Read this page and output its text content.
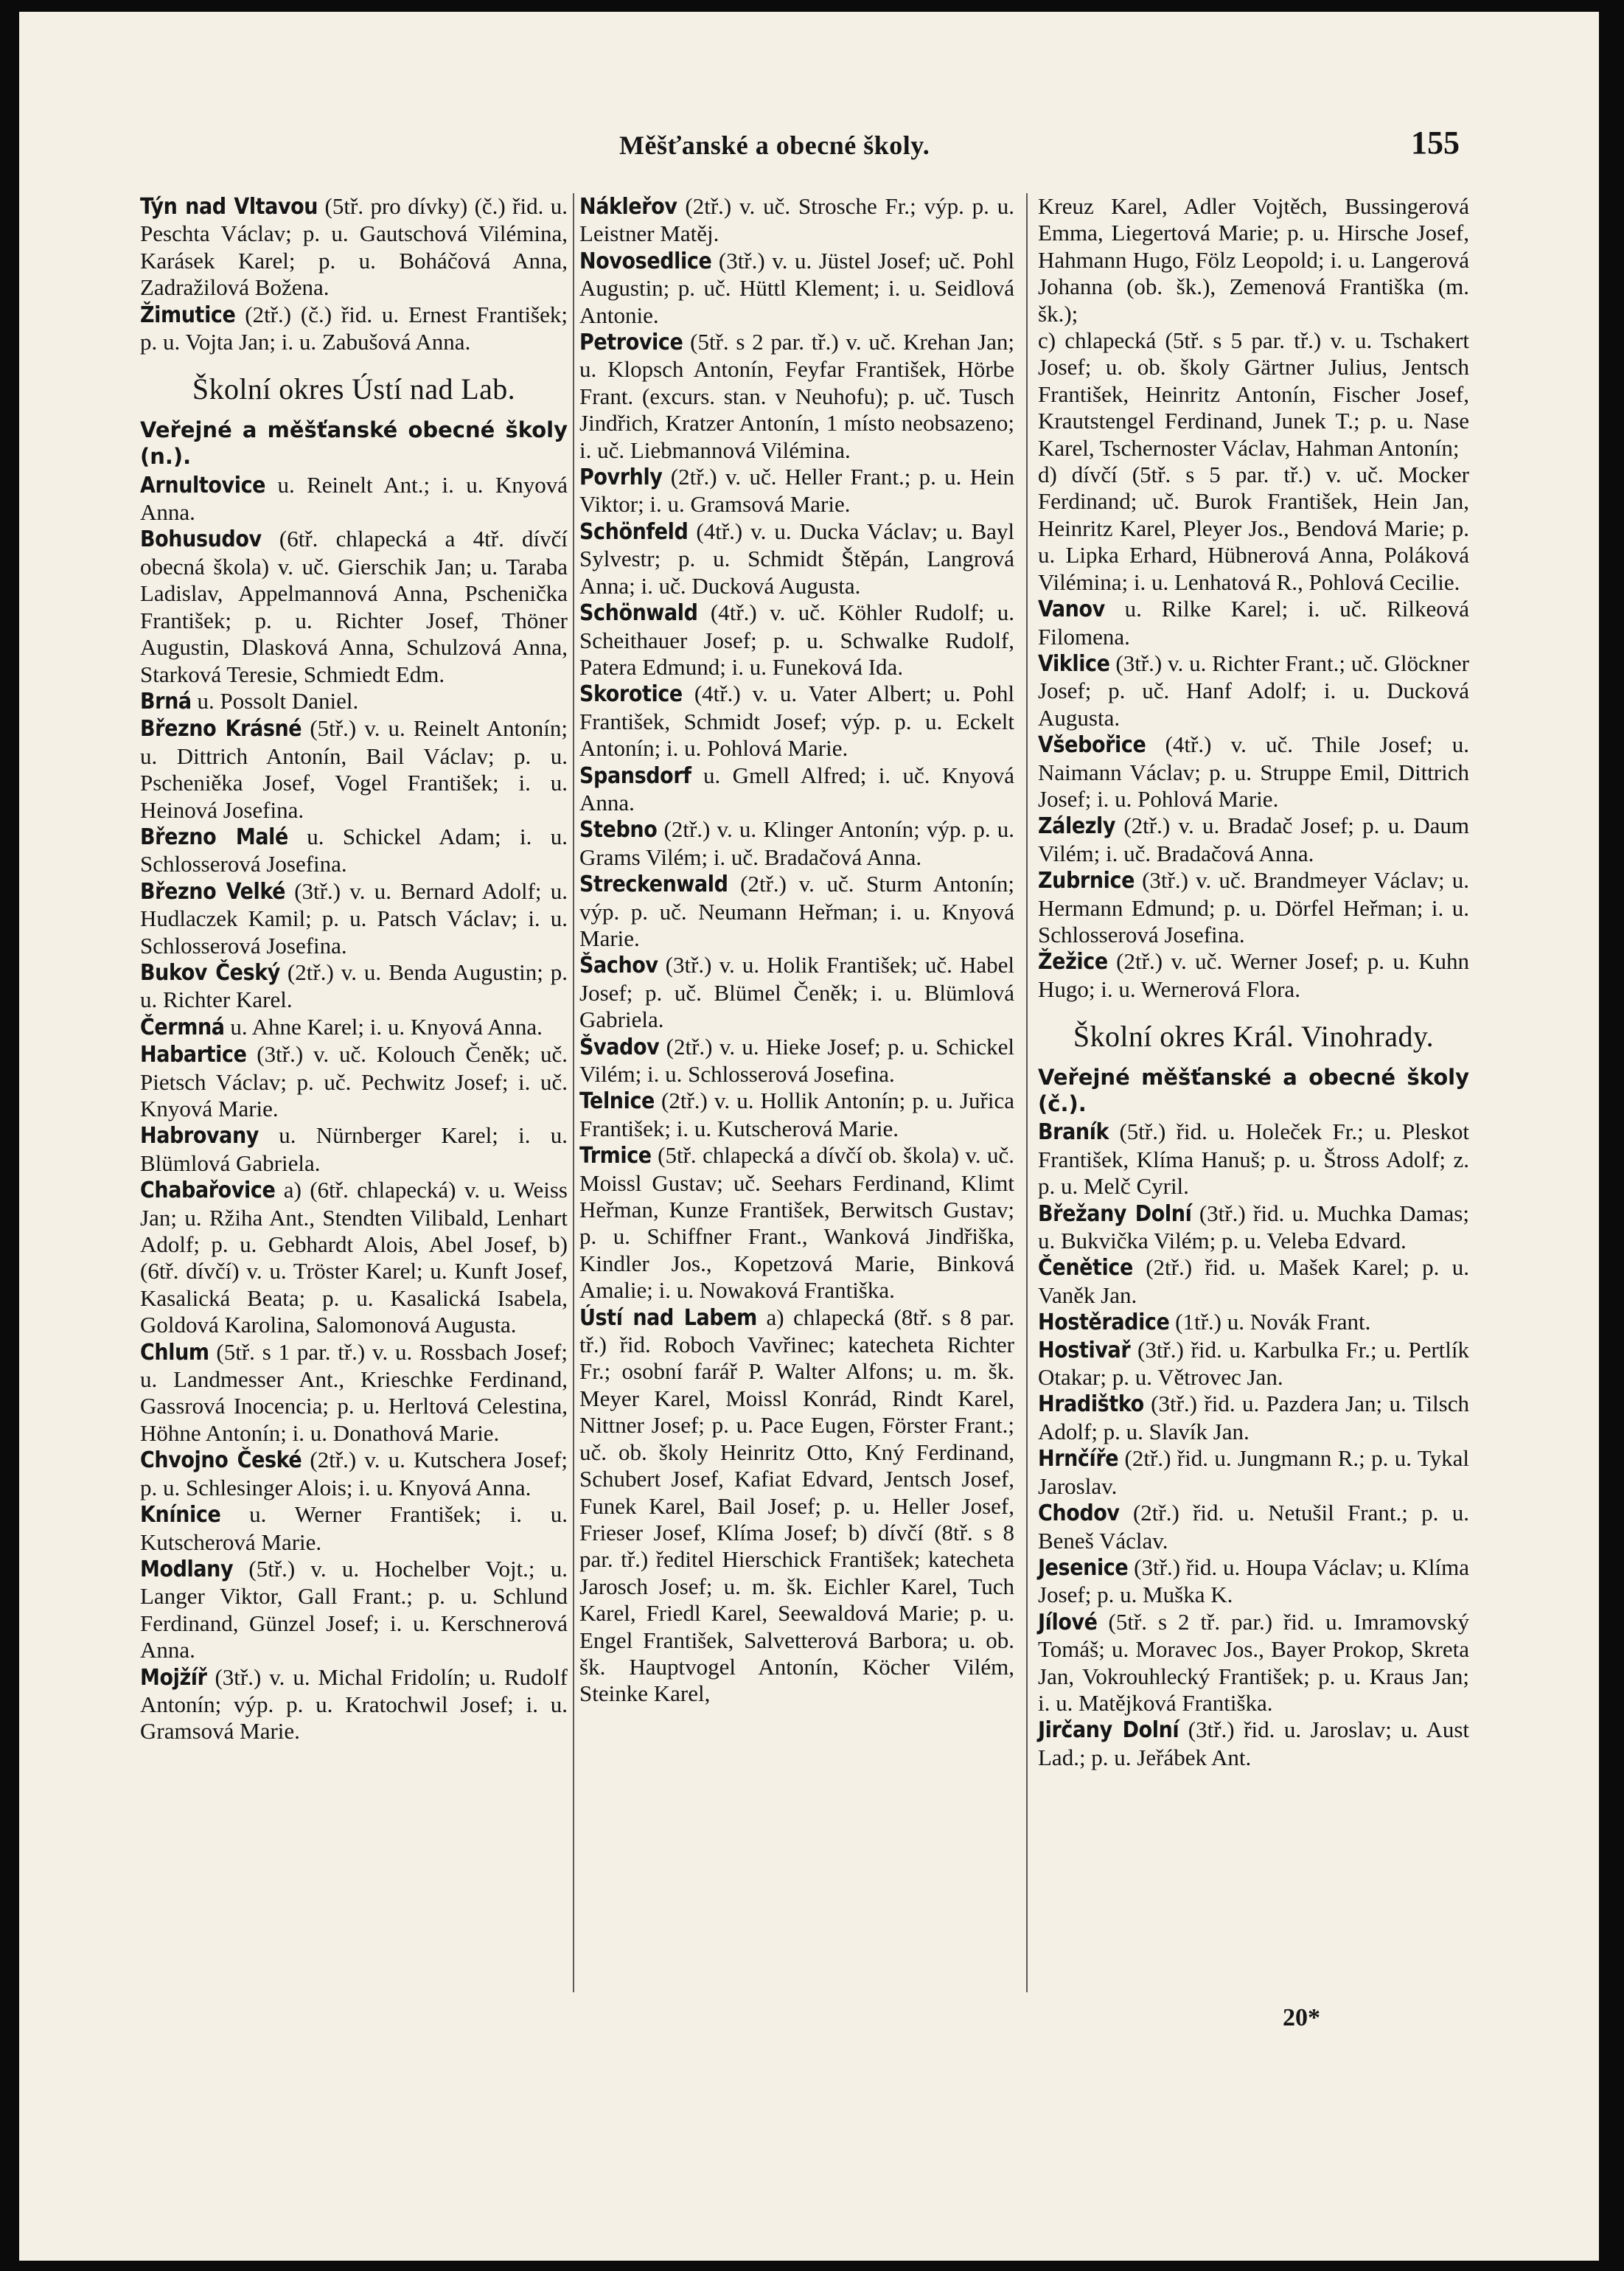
Měšťanské a obecné školy.	155

Týn nad Vltavou (5tř. pro dívky) (č.) řid. u. Peschta Václav; p. u. Gautschová Vilémina, Karásek Karel; p. u. Boháčová Anna, Zadražilová Božena.

Žimutice (2tř.) (č.) řid. u. Ernest František; p. u. Vojta Jan; i. u. Zabušová Anna.

Školní okres Ústí nad Lab.
Veřejné a měšťanské obecné školy (n.).

Arnultovice u. Reinelt Ant.; i. u. Knyová Anna.

Bohusudov (6tř. chlapecká a 4tř. dívčí obecná škola) v. uč. Gierschik Jan; u. Taraba Ladislav, Appelmannová Anna, Pschenička František; p. u. Richter Josef, Thöner Augustin, Dlasková Anna, Schulzová Anna, Starková Teresie, Schmiedt Edm.

Brná u. Possolt Daniel.

Březno Krásné (5tř.) v. u. Reinelt Antonín; u. Dittrich Antonín, Bail Václav; p. u. Pscheniěka Josef, Vogel František; i. u. Heinová Josefina.

Březno Malé u. Schickel Adam; i. u. Schlosserová Josefina.

Březno Velké (3tř.) v. u. Bernard Adolf; u. Hudlaczek Kamil; p. u. Patsch Václav; i. u. Schlosserová Josefina.

Bukov Český (2tř.) v. u. Benda Augustin; p. u. Richter Karel.

Čermná u. Ahne Karel; i. u. Knyová Anna.

Habartice (3tř.) v. uč. Kolouch Čeněk; uč. Pietsch Václav; p. uč. Pechwitz Josef; i. uč. Knyová Marie.

Habrovany u. Nürnberger Karel; i. u. Blümlová Gabriela.

Chabařovice a) (6tř. chlapecká) v. u. Weiss Jan; u. Ržiha Ant., Stendten Vilibald, Lenhart Adolf; p. u. Gebhardt Alois, Abel Josef, b) (6tř. dívčí) v. u. Tröster Karel; u. Kunft Josef, Kasalická Beata; p. u. Kasalická Isabela, Goldová Karolina, Salomonová Augusta.

Chlum (5tř. s 1 par. tř.) v. u. Rossbach Josef; u. Landmesser Ant., Krieschke Ferdinand, Gassrová Inocencia; p. u. Herltová Celestina, Höhne Antonín; i. u. Donathová Marie.

Chvojno České (2tř.) v. u. Kutschera Josef; p. u. Schlesinger Alois; i. u. Knyová Anna.

Knínice u. Werner František; i. u. Kutscherová Marie.

Modlany (5tř.) v. u. Hochelber Vojt.; u. Langer Viktor, Gall Frant.; p. u. Schlund Ferdinand, Günzel Josef; i. u. Kerschnerová Anna.

Mojžíř (3tř.) v. u. Michal Fridolín; u. Rudolf Antonín; výp. p. u. Kratochwil Josef; i. u. Gramsová Marie.

Náklеřov (2tř.) v. uč. Strosche Fr.; výp. p. u. Leistner Matěj.

Novosedlice (3tř.) v. u. Jüstel Josef; uč. Pohl Augustin; p. uč. Hüttl Klement; i. u. Seidlová Antonie.

Petrovice (5tř. s 2 par. tř.) v. uč. Krehan Jan; u. Klopsch Antonín, Feyfar František, Hörbe Frant. (excurs. stan. v Neuhofu); p. uč. Tusch Jindřich, Kratzer Antonín, 1 místo neobsazeno; i. uč. Liebmannová Vilémina.

Povrhly (2tř.) v. uč. Heller Frant.; p. u. Hein Viktor; i. u. Gramsová Marie.

Schönfeld (4tř.) v. u. Ducka Václav; u. Bayl Sylvestr; p. u. Schmidt Štěpán, Langrová Anna; i. uč. Ducková Augusta.

Schönwald (4tř.) v. uč. Köhler Rudolf; u. Scheithauer Josef; p. u. Schwalke Rudolf, Patera Edmund; i. u. Funeková Ida.

Skorotice (4tř.) v. u. Vater Albert; u. Pohl František, Schmidt Josef; výp. p. u. Eckelt Antonín; i. u. Pohlová Marie.

Spansdorf u. Gmell Alfred; i. uč. Knyová Anna.

Stebno (2tř.) v. u. Klinger Antonín; výp. p. u. Grams Vilém; i. uč. Bradačová Anna.

Streckenwald (2tř.) v. uč. Sturm Antonín; výp. p. uč. Neumann Heřman; i. u. Knyová Marie.

Šachov (3tř.) v. u. Holik František; uč. Habel Josef; p. uč. Blümel Čeněk; i. u. Blümlová Gabriela.

Švadov (2tř.) v. u. Hieke Josef; p. u. Schickel Vilém; i. u. Schlosserová Josefina.

Telnice (2tř.) v. u. Hollik Antonín; p. u. Juřica František; i. u. Kutscherová Marie.

Trmice (5tř. chlapecká a dívčí ob. škola) v. uč. Moissl Gustav; uč. Seehars Ferdinand, Klimt Heřman, Kunze František, Berwitsch Gustav; p. u. Schiffner Frant., Wanková Jindřiška, Kindler Jos., Kopetzová Marie, Binková Amalie; i. u. Nowaková Františka.

Ústí nad Labem a) chlapecká (8tř. s 8 par. tř.) řid. Roboch Vavřinec; katecheta Richter Fr.; osobní farář P. Walter Alfons; u. m. šk. Meyer Karel, Moissl Konrád, Rindt Karel, Nittner Josef; p. u. Pace Eugen, Förster Frant.; uč. ob. školy Heinritz Otto, Kný Ferdinand, Schubert Josef, Kafiat Edvard, Jentsch Josef, Funek Karel, Bail Josef; p. u. Heller Josef, Frieser Josef, Klíma Josef; b) dívčí (8tř. s 8 par. tř.) ředitel Hierschick František; katecheta Jarosch Josef; u. m. šk. Eichler Karel, Tuch Karel, Friedl Karel, Seewaldová Marie; p. u. Engel František, Salvetterová Barbora; u. ob. šk. Hauptvogel Antonín, Köcher Vilém, Steinke Karel,

Kreuz Karel, Adler Vojtěch, Bussingerová Emma, Liegertová Marie; p. u. Hirsche Josef, Hahmann Hugo, Fölz Leopold; i. u. Langerová Johanna (ob. šk.), Zemenová Františka (m. šk.);

c) chlapecká (5tř. s 5 par. tř.) v. u. Tschakert Josef; u. ob. školy Gärtner Julius, Jentsch František, Heinritz Antonín, Fischer Josef, Krautstengel Ferdinand, Junek T.; p. u. Nase Karel, Tschernoster Václav, Hahman Antonín;

d) dívčí (5tř. s 5 par. tř.) v. uč. Mocker Ferdinand; uč. Burok František, Hein Jan, Heinritz Karel, Pleyer Jos., Bendová Marie; p. u. Lipka Erhard, Hübnerová Anna, Poláková Vilémina; i. u. Lenhatová R., Pohlová Cecilie.

Vanov u. Rilke Karel; i. uč. Rilkeová Filomena.

Viklice (3tř.) v. u. Richter Frant.; uč. Glöckner Josef; p. uč. Hanf Adolf; i. u. Ducková Augusta.

Všebořice (4tř.) v. uč. Thile Josef; u. Naimann Václav; p. u. Struppe Emil, Dittrich Josef; i. u. Pohlová Marie.

Zálezly (2tř.) v. u. Bradač Josef; p. u. Daum Vilém; i. uč. Bradačová Anna.

Zubrnice (3tř.) v. uč. Brandmeyer Václav; u. Hermann Edmund; p. u. Dörfel Heřman; i. u. Schlosserová Josefina.

Žežice (2tř.) v. uč. Werner Josef; p. u. Kuhn Hugo; i. u. Wernerová Flora.

Školní okres Král. Vinohrady.
Veřejné měšťanské a obecné školy (č.).

Braník (5tř.) řid. u. Holeček Fr.; u. Pleskot František, Klíma Hanuš; p. u. Štross Adolf; z. p. u. Melč Cyril.

Břežany Dolní (3tř.) řid. u. Muchka Damas; u. Bukvička Vilém; p. u. Veleba Edvard.

Čenětice (2tř.) řid. u. Mašek Karel; p. u. Vaněk Jan.

Hostěradice (1tř.) u. Novák Frant.

Hostivař (3tř.) řid. u. Karbulka Fr.; u. Pertlík Otakar; p. u. Větrovec Jan.

Hradištko (3tř.) řid. u. Pazdera Jan; u. Tilsch Adolf; p. u. Slavík Jan.

Hrnčíře (2tř.) řid. u. Jungmann R.; p. u. Tykal Jaroslav.

Chodov (2tř.) řid. u. Netušil Frant.; p. u. Beneš Václav.

Jesenice (3tř.) řid. u. Houpa Václav; u. Klíma Josef; p. u. Muška K.

Jílové (5tř. s 2 tř. par.) řid. u. Imramovský Tomáš; u. Moravec Jos., Bayer Prokop, Skreta Jan, Vokrouhlecký František; p. u. Kraus Jan; i. u. Matějková Františka.

Jirčany Dolní (3tř.) řid. u. Jaroslav; u. Aust Lad.; p. u. Jeřábek Ant.

20*
